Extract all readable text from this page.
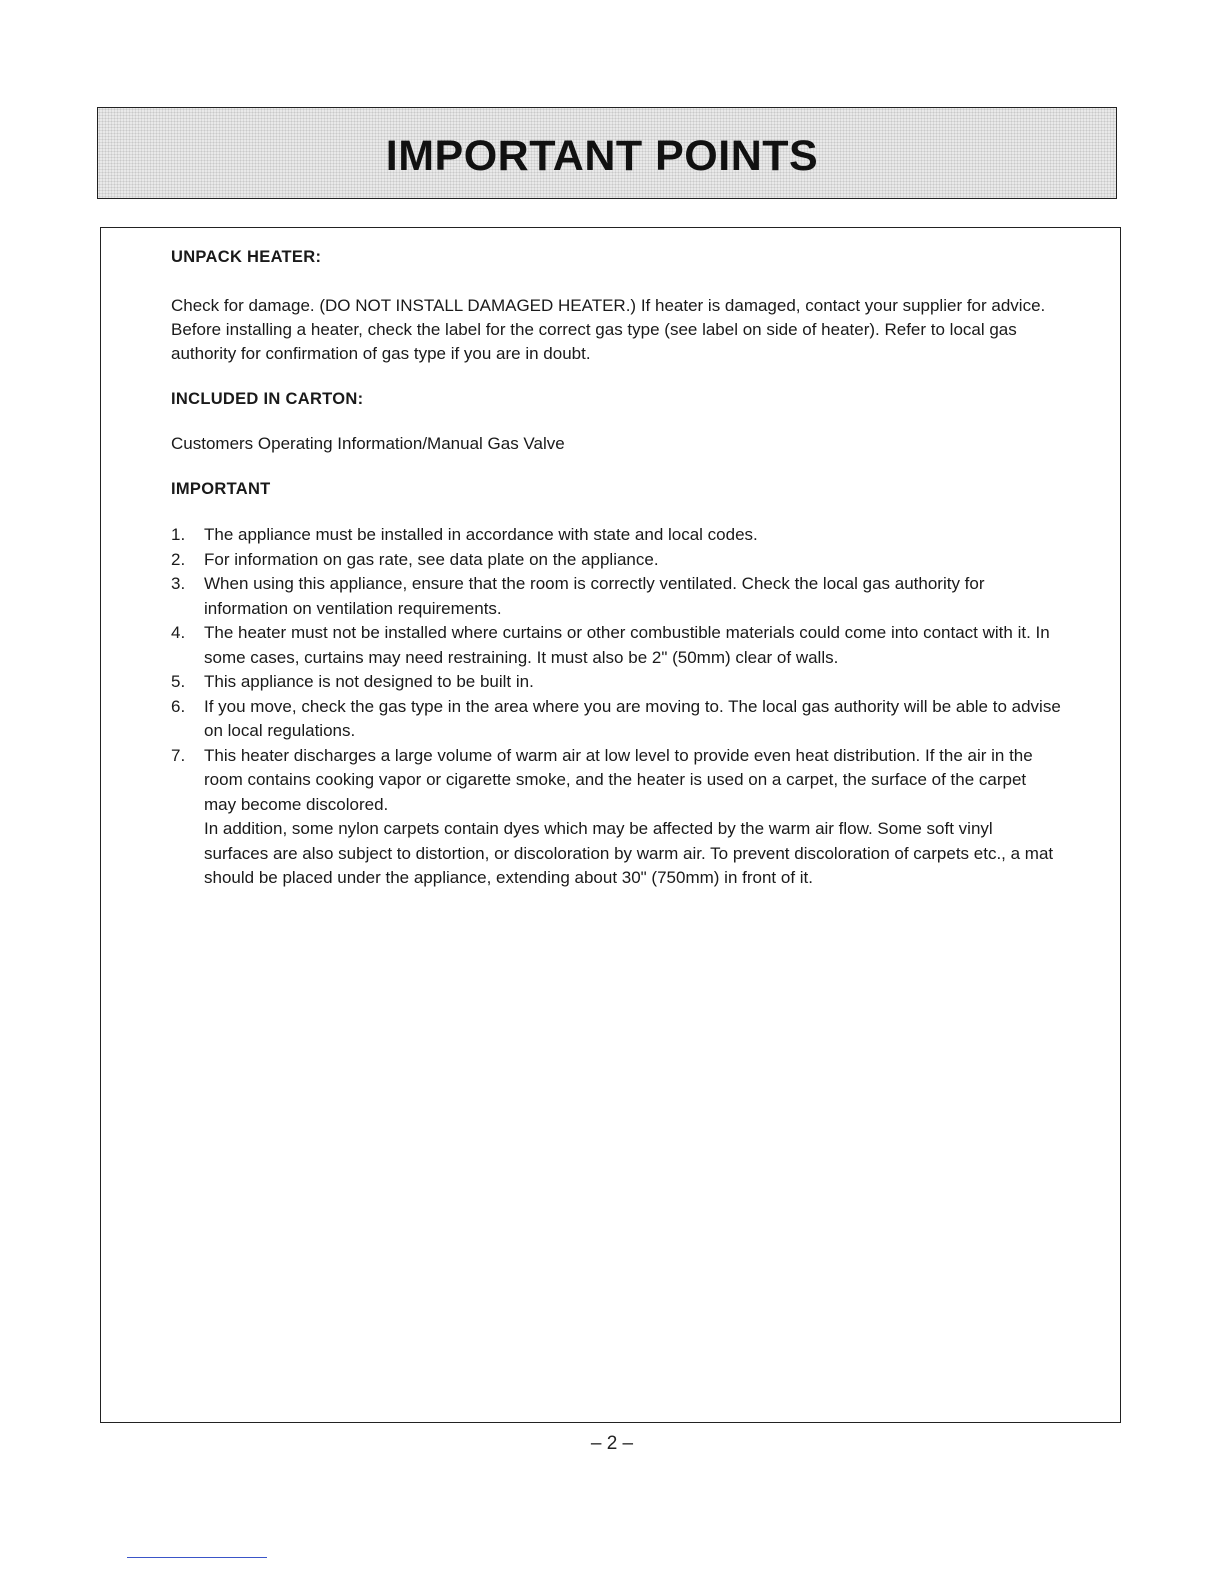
IMPORTANT POINTS

UNPACK HEATER:

Check for damage. (DO NOT INSTALL DAMAGED HEATER.) If heater is damaged, contact your supplier for advice. Before installing a heater, check the label for the correct gas type (see label on side of heater). Refer to local gas authority for confirmation of gas type if you are in doubt.

INCLUDED IN CARTON:

Customers Operating Information/Manual Gas Valve

IMPORTANT

1. The appliance must be installed in accordance with state and local codes.
2. For information on gas rate, see data plate on the appliance.
3. When using this appliance, ensure that the room is correctly ventilated. Check the local gas authority for information on ventilation requirements.
4. The heater must not be installed where curtains or other combustible materials could come into contact with it. In some cases, curtains may need restraining. It must also be 2" (50mm) clear of walls.
5. This appliance is not designed to be built in.
6. If you move, check the gas type in the area where you are moving to. The local gas authority will be able to advise on local regulations.
7. This heater discharges a large volume of warm air at low level to provide even heat distribution. If the air in the room contains cooking vapor or cigarette smoke, and the heater is used on a carpet, the surface of the carpet may become discolored.
In addition, some nylon carpets contain dyes which may be affected by the warm air flow. Some soft vinyl surfaces are also subject to distortion, or discoloration by warm air. To prevent discoloration of carpets etc., a mat should be placed under the appliance, extending about 30" (750mm) in front of it.
– 2 –
